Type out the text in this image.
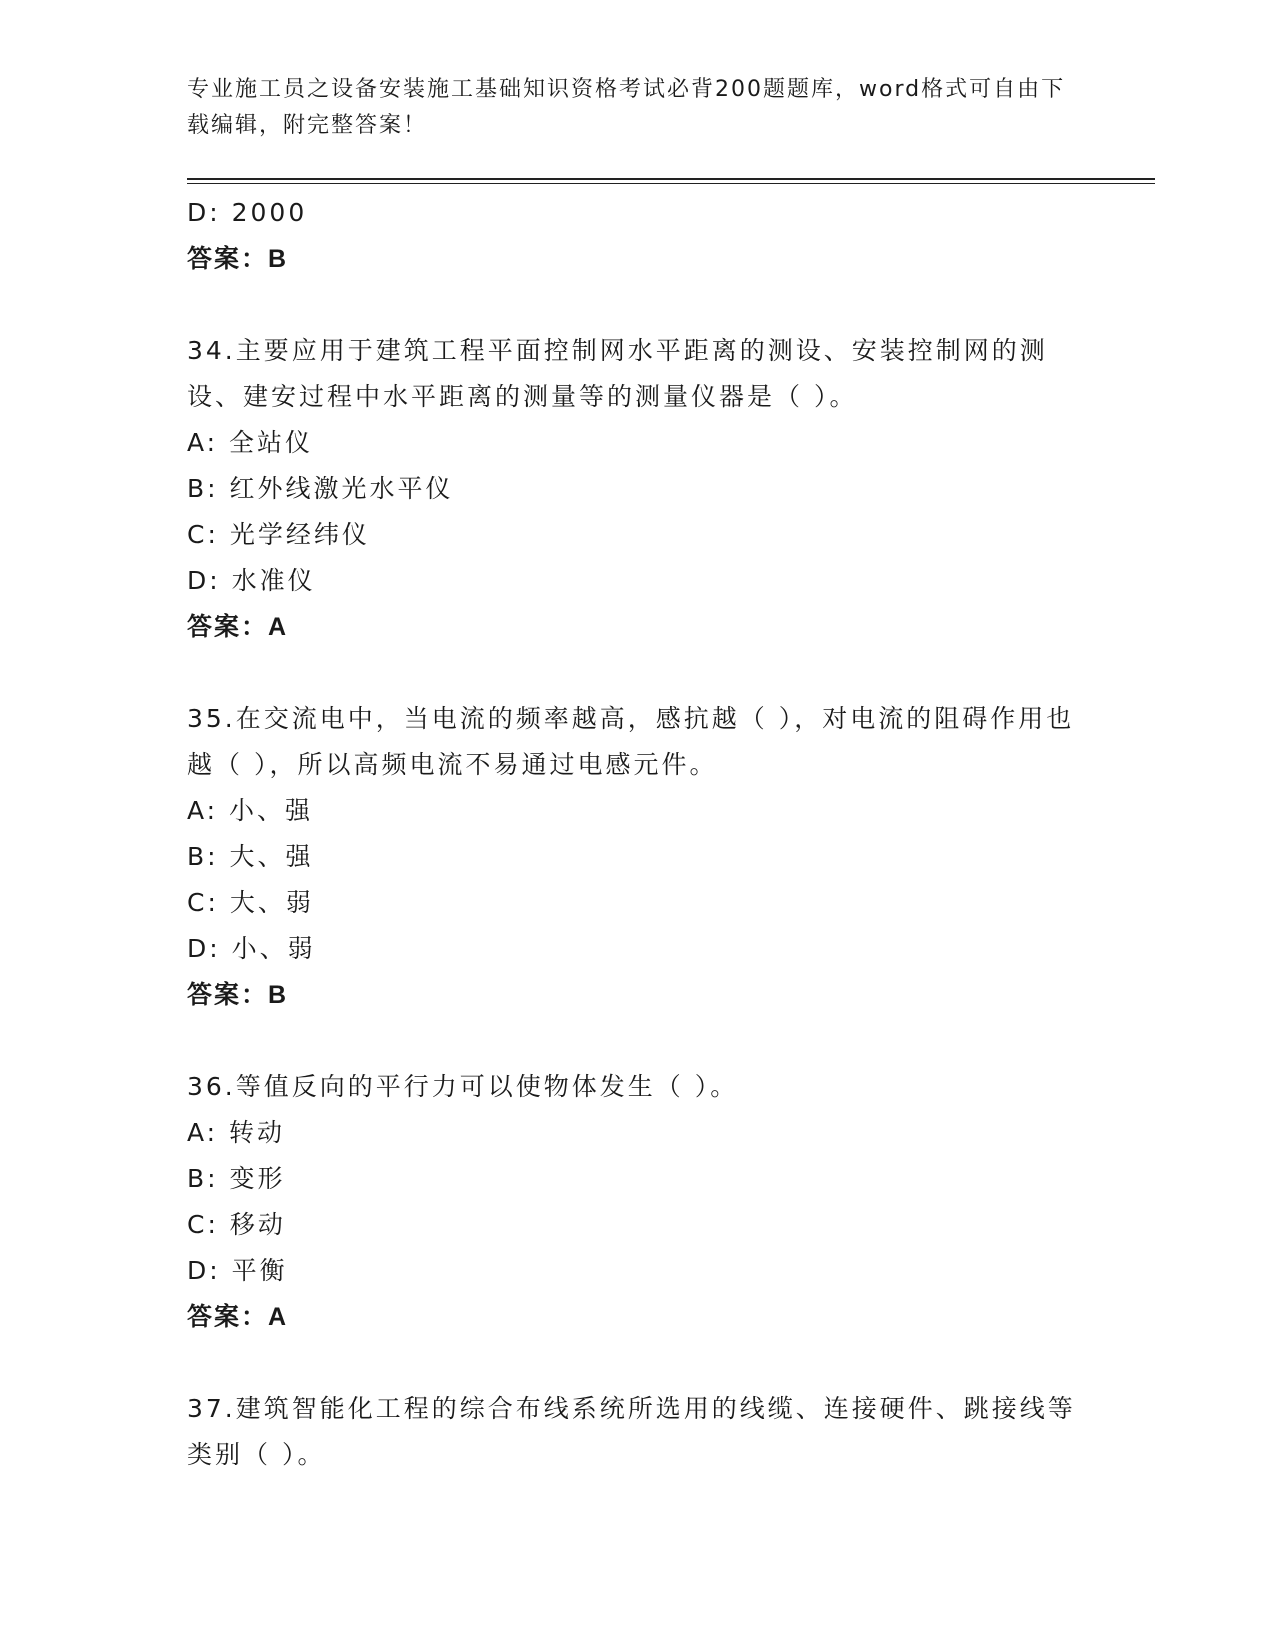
专业施工员之设备安装施工基础知识资格考试必背200题题库，word格式可自由下载编辑，附完整答案！
D: 2000
答案：B
34.主要应用于建筑工程平面控制网水平距离的测设、安装控制网的测设、建安过程中水平距离的测量等的测量仪器是（ ）。
A: 全站仪
B: 红外线激光水平仪
C: 光学经纬仪
D: 水准仪
答案：A
35.在交流电中，当电流的频率越高，感抗越（ ），对电流的阻碍作用也越（ ），所以高频电流不易通过电感元件。
A: 小、强
B: 大、强
C: 大、弱
D: 小、弱
答案：B
36.等值反向的平行力可以使物体发生（ ）。
A: 转动
B: 变形
C: 移动
D: 平衡
答案：A
37.建筑智能化工程的综合布线系统所选用的线缆、连接硬件、跳接线等类别（ ）。
